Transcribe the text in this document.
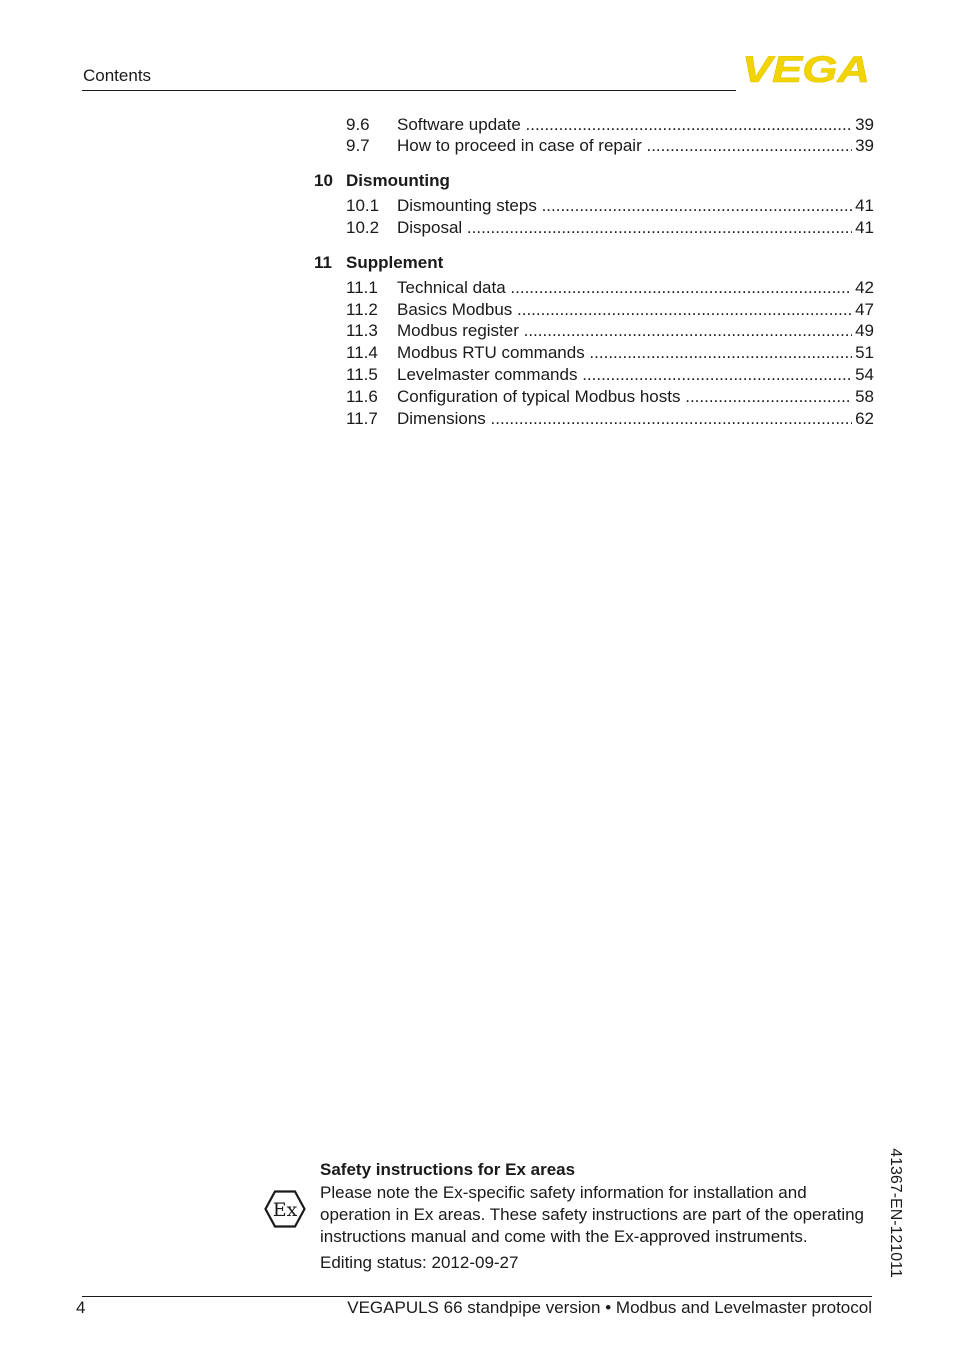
Contents	VEGA
9.6 Software update .....	39
9.7 How to proceed in case of repair .....	39
10 Dismounting
10.1 Dismounting steps .....	41
10.2 Disposal .....	41
11 Supplement
11.1 Technical data .....	42
11.2 Basics Modbus .....	47
11.3 Modbus register .....	49
11.4 Modbus RTU commands .....	51
11.5 Levelmaster commands .....	54
11.6 Configuration of typical Modbus hosts .....	58
11.7 Dimensions .....	62
Ex
Safety instructions for Ex areas
Please note the Ex-specific safety information for installation and operation in Ex areas. These safety instructions are part of the operating instructions manual and come with the Ex-approved instruments.
Editing status: 2012-09-27	41367-EN-121011
4	VEGAPULS 66 standpipe version • Modbus and Levelmaster protocol
